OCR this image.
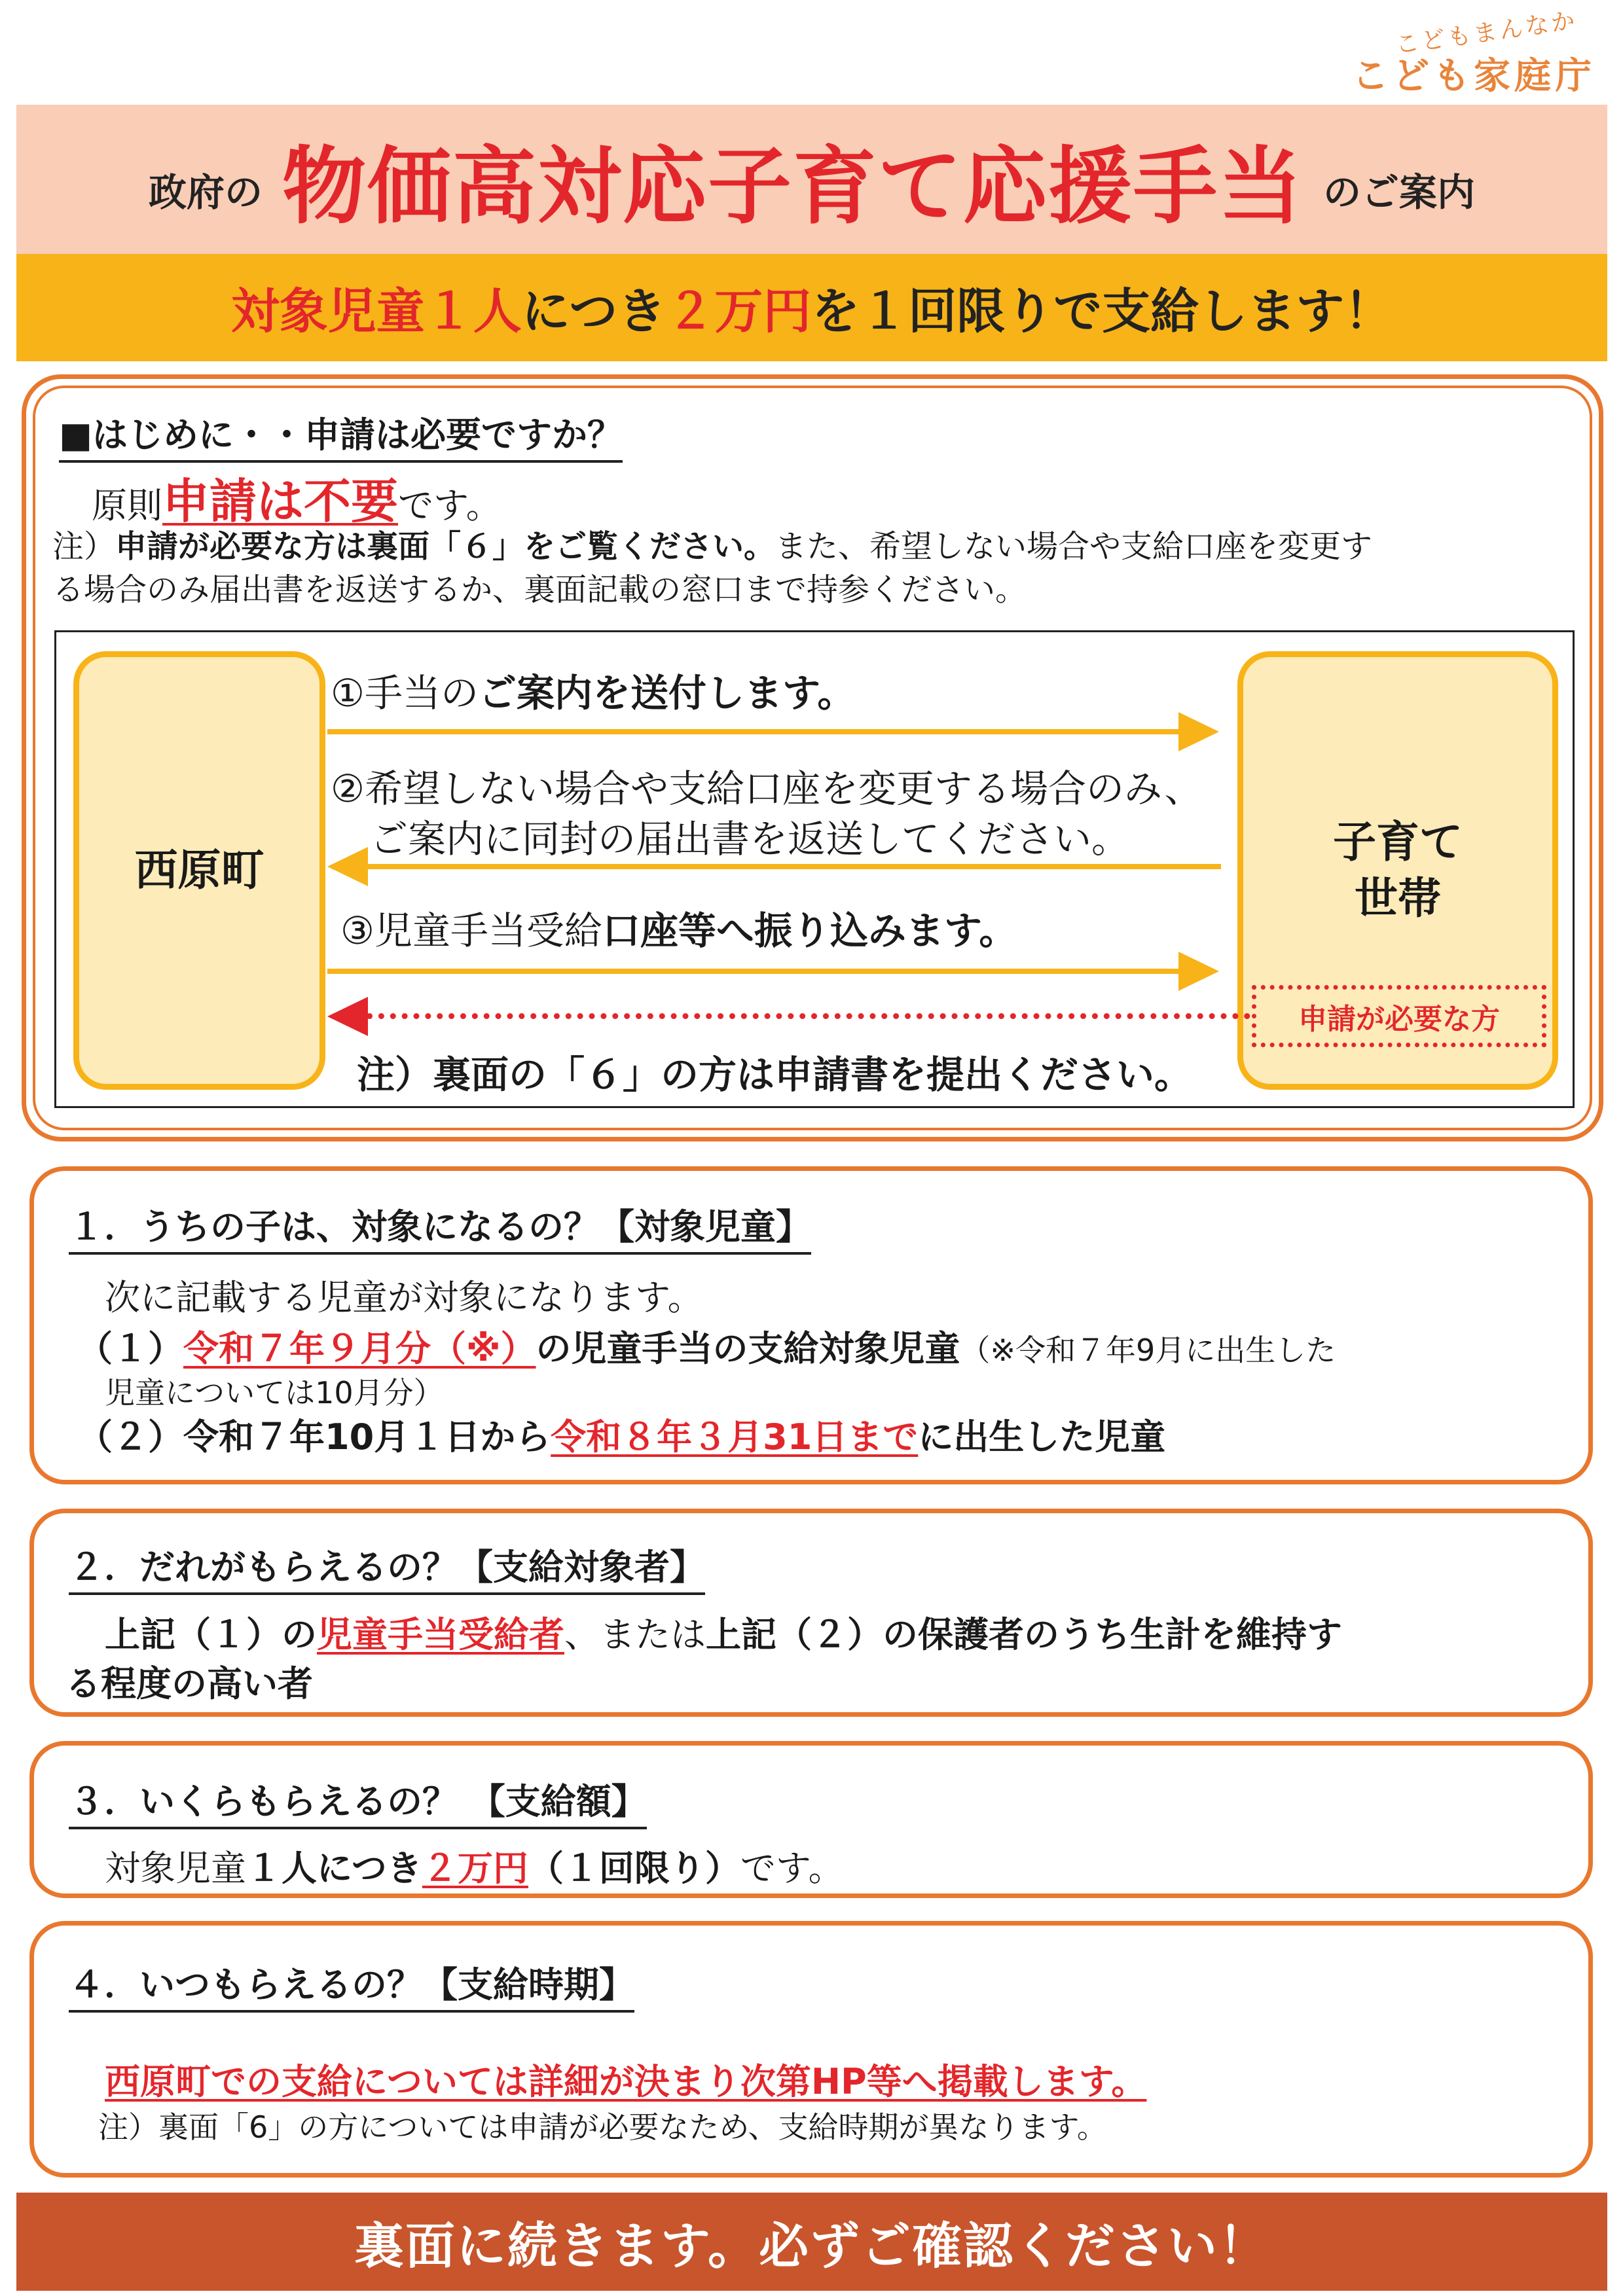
こどもまんなか
こども家庭庁
政府の 物価高対応子育て応援手当 のご案内
対象児童１人 につき ２万円 を１回限りで支給します！
■はじめに・・申請は必要ですか？
原則申請は不要です。
注）申請が必要な方は裏面「６」をご覧ください。また、希望しない場合や支給口座を変更す
る場合のみ届出書を返送するか、裏面記載の窓口まで持参ください。
西原町
子育て
世帯
①手当のご案内を送付します。
②希望しない場合や支給口座を変更する場合のみ、
ご案内に同封の届出書を返送してください。
③児童手当受給口座等へ振り込みます。
申請が必要な方
注）裏面の「６」の方は申請書を提出ください。
１．うちの子は、対象になるの？【対象児童】
次に記載する児童が対象になります。
（１）令和７年９月分（※）の児童手当の支給対象児童（※令和７年9月に出生した
児童については10月分）
（２）令和７年10月１日から令和８年３月31日までに出生した児童
２．だれがもらえるの？【支給対象者】
上記（１）の児童手当受給者、または上記（２）の保護者のうち生計を維持す
る程度の高い者
３．いくらもらえるの？ 【支給額】
対象児童１人につき２万円（１回限り）です。
４．いつもらえるの？【支給時期】
西原町での支給については詳細が決まり次第HP等へ掲載します。
注）裏面「6」の方については申請が必要なため、支給時期が異なります。
裏面に続きます。必ずご確認ください！
